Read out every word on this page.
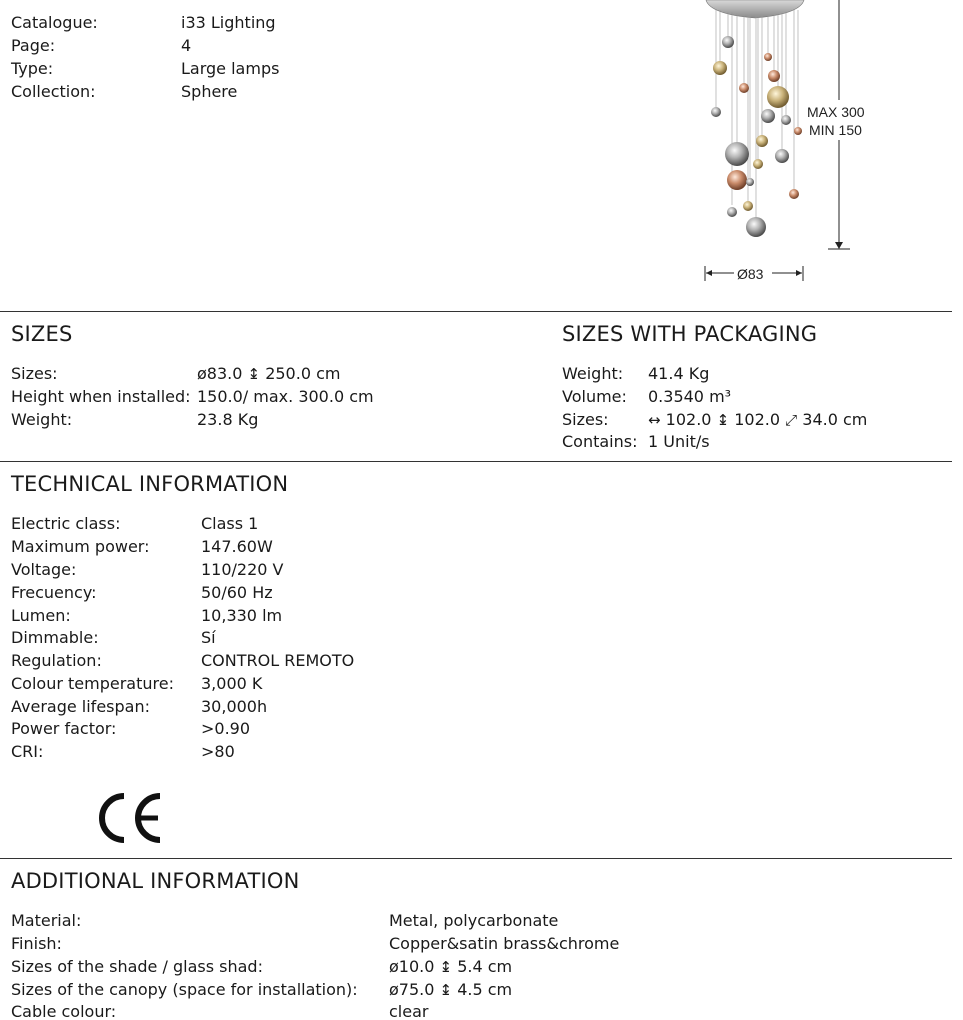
Catalogue:	i33 Lighting
Page:	4
Type:	Large lamps
Collection:	Sphere
MAX 300
MIN 150
Ø83
SIZES
Sizes:	ø83.0 ↨ 250.0 cm
Height when installed: 150.0/ max. 300.0 cm
Weight:	23.8 Kg
SIZES WITH PACKAGING
Weight: 41.4 Kg
Volume: 0.3540 m³
Sizes:	↔ 102.0 ↨ 102.0 ⤢ 34.0 cm
Contains: 1 Unit/s
TECHNICAL INFORMATION
Electric class:	Class 1
Maximum power:	147.60W
Voltage:	110/220 V
Frecuency:	50/60 Hz
Lumen:	10,330 lm
Dimmable:	Sí
Regulation:	CONTROL REMOTO
Colour temperature: 3,000 K
Average lifespan:	30,000h
Power factor:	>0.90
CRI:	>80
ADDITIONAL INFORMATION
Material:	Metal, polycarbonate
Finish:	Copper&satin brass&chrome
Sizes of the shade / glass shad:	ø10.0 ↨ 5.4 cm
Sizes of the canopy (space for installation): ø75.0 ↨ 4.5 cm
Cable colour:	clear
